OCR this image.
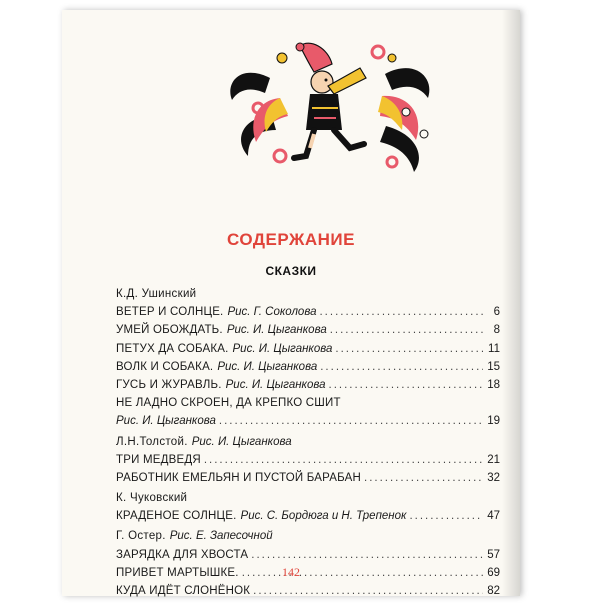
СОДЕРЖАНИЕ
СКАЗКИ
К.Д. Ушинский
ВЕТЕР И СОЛНЦЕ. Рис. Г. Соколова .....	6
УМЕЙ ОБОЖДАТЬ. Рис. И. Цыганкова .....	8
ПЕТУХ ДА СОБАКА. Рис. И. Цыганкова .....	11
ВОЛК И СОБАКА. Рис. И. Цыганкова .....	15
ГУСЬ И ЖУРАВЛЬ. Рис. И. Цыганкова .....	18
НЕ ЛАДНО СКРОЕН, ДА КРЕПКО СШИТ
Рис. И. Цыганкова .....	19
Л.Н.Толстой. Рис. И. Цыганкова
ТРИ МЕДВЕДЯ .....	21
РАБОТНИК ЕМЕЛЬЯН И ПУСТОЙ БАРАБАН .....	32
К. Чуковский
КРАДЕНОЕ СОЛНЦЕ. Рис. С. Бордюга и Н. Трепенок .....	47
Г. Остер. Рис. Е. Запесочной
ЗАРЯДКА ДЛЯ ХВОСТА .....	57
ПРИВЕТ МАРТЫШКЕ. .....	69
КУДА ИДЁТ СЛОНЁНОК .....	82
142
